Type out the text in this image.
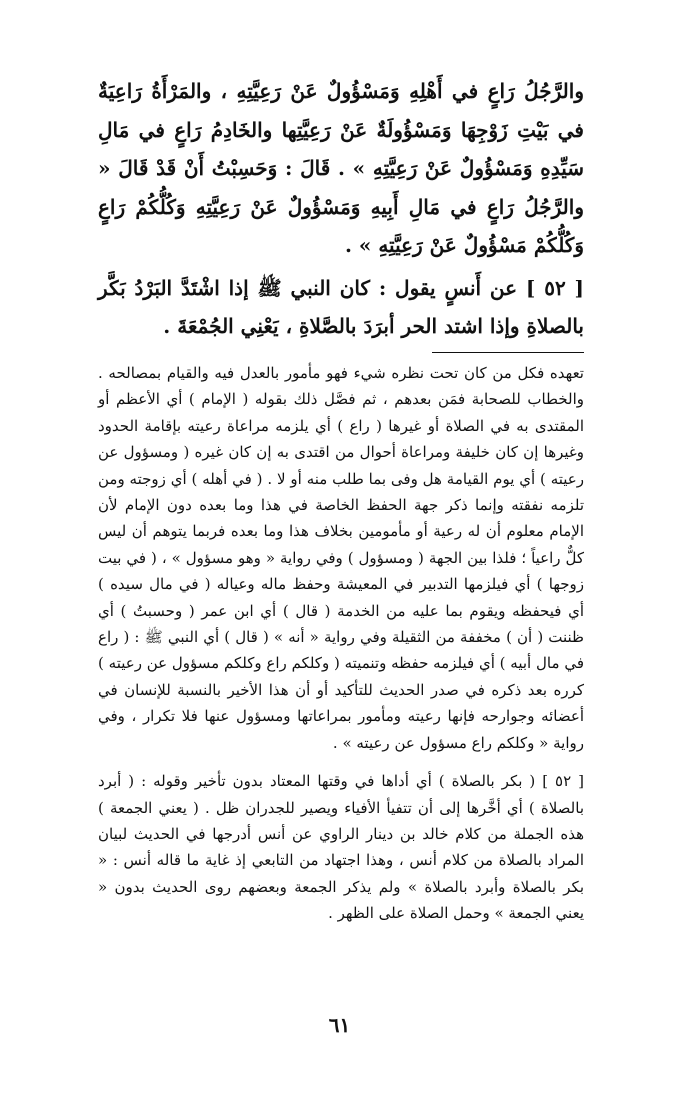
والرَّجُلُ رَاعٍ في أَهْلِهِ وَمَسْؤُولٌ عَنْ رَعِيَّتِهِ ، والمَرْأَةُ رَاعِيَةٌ في بَيْتِ زَوْجِهَا وَمَسْؤُولَةٌ عَنْ رَعِيَّتِها والخَادِمُ رَاعٍ في مَالِ سَيِّدِهِ وَمَسْؤُولٌ عَنْ رَعِيَّتِهِ » . قَالَ : وَحَسِبْتُ أَنْ قَدْ قَالَ « والرَّجُلُ رَاعٍ في مَالِ أَبِيهِ وَمَسْؤُولٌ عَنْ رَعِيَّتِهِ وَكُلُّكُمْ رَاعٍ وَكُلُّكُمْ مَسْؤُولٌ عَنْ رَعِيَّتِهِ » .

[ ٥٢ ] عن أَنسٍ يقول : كان النبي ﷺ إذا اشْتَدَّ البَرْدُ بَكَّر بالصلاةِ وإذا اشتد الحر أبرَدَ بالصَّلاةِ ، يَعْنِي الجُمْعَةَ .

تعهده فكل من كان تحت نظره شيء فهو مأمور بالعدل فيه والقيام بمصالحه . والخطاب للصحابة فمَن بعدهم ، ثم فصَّل ذلك بقوله ( الإمام ) أي الأعظم أو المقتدى به في الصلاة أو غيرها ( راع ) أي يلزمه مراعاة رعيته بإقامة الحدود وغيرها إن كان خليفة ومراعاة أحوال من اقتدى به إن كان غيره ( ومسؤول عن رعيته ) أي يوم القيامة هل وفى بما طلب منه أو لا . ( في أهله ) أي زوجته ومن تلزمه نفقته وإنما ذكر جهة الحفظ الخاصة في هذا وما بعده دون الإمام لأن الإمام معلوم أن له رعية أو مأمومين بخلاف هذا وما بعده فربما يتوهم أن ليس كلٌّ راعياً ؛ فلذا بين الجهة ( ومسؤول ) وفي رواية « وهو مسؤول » ، ( في بيت زوجها ) أي فيلزمها التدبير في المعيشة وحفظ ماله وعياله ( في مال سيده ) أي فيحفظه ويقوم بما عليه من الخدمة ( قال ) أي ابن عمر ( وحسبتُ ) أي ظننت ( أن ) مخففة من الثقيلة وفي رواية « أنه » ( قال ) أي النبي ﷺ : ( راع في مال أبيه ) أي فيلزمه حفظه وتنميته ( وكلكم راع وكلكم مسؤول عن رعيته ) كرره بعد ذكره في صدر الحديث للتأكيد أو أن هذا الأخير بالنسبة للإنسان في أعضائه وجوارحه فإنها رعيته ومأمور بمراعاتها ومسؤول عنها فلا تكرار ، وفي رواية « وكلكم راع مسؤول عن رعيته » .

[ ٥٢ ] ( بكر بالصلاة ) أي أداها في وقتها المعتاد بدون تأخير وقوله : ( أبرد بالصلاة ) أي أخَّرها إلى أن تتفيأ الأفياء ويصير للجدران ظل . ( يعني الجمعة ) هذه الجملة من كلام خالد بن دينار الراوي عن أنس أدرجها في الحديث لبيان المراد بالصلاة من كلام أنس ، وهذا اجتهاد من التابعي إذ غاية ما قاله أنس : « بكر بالصلاة وأبرد بالصلاة » ولم يذكر الجمعة وبعضهم روى الحديث بدون « يعني الجمعة » وحمل الصلاة على الظهر .

٦١
